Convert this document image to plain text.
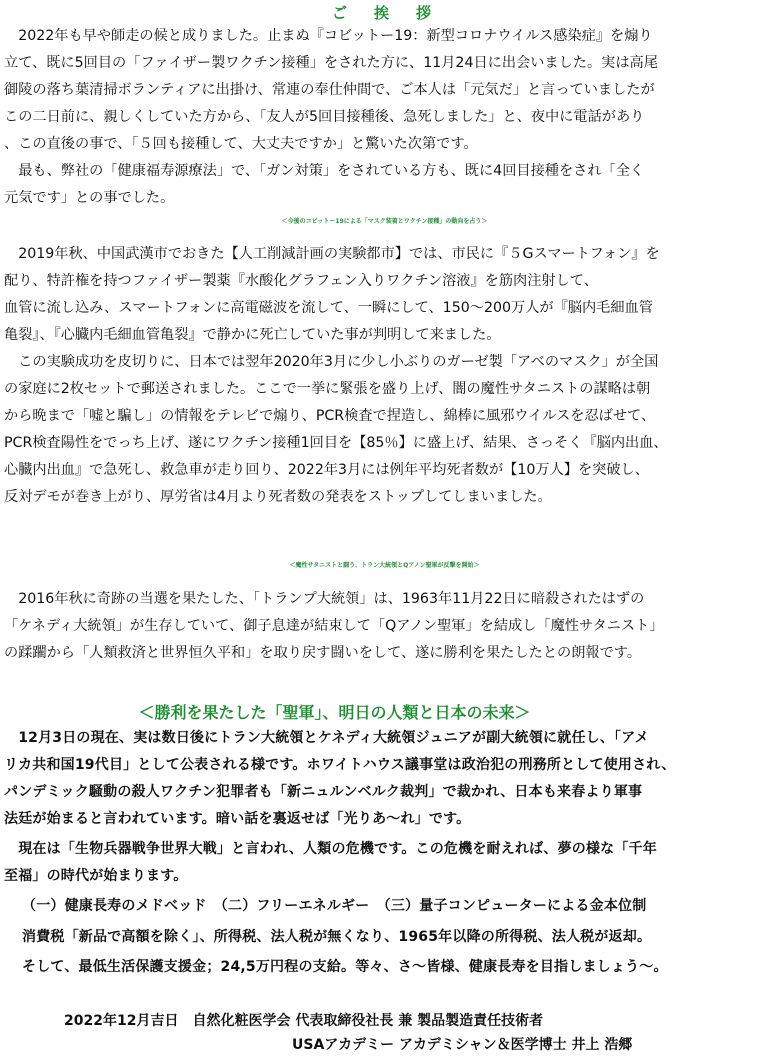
ご　挨　拶
　2022年も早や師走の候と成りました。止まぬ『コビットー19：新型コロナウイルス感染症』を煽り
立て、既に5回目の「ファイザー製ワクチン接種」をされた方に、11月24日に出会いました。実は高尾
御陵の落ち葉清掃ボランティアに出掛け、常連の奉仕仲間で、ご本人は「元気だ」と言っていましたが
この二日前に、親しくしていた方から、「友人が5回目接種後、急死しました」と、夜中に電話があり
、この直後の事で、「５回も接種して、大丈夫ですか」と驚いた次第です。
　最も、弊社の「健康福寿源療法」で、「ガン対策」をされている方も、既に4回目接種をされ「全く
元気です」との事でした。
＜今後のコビットー19による「マスク装着とワクチン接種」の動向を占う＞
　2019年秋、中国武漢市でおきた【人工削減計画の実験都市】では、市民に『５Gスマートフォン』を
配り、特許権を持つファイザー製薬『水酸化グラフェン入りワクチン溶液』を筋肉注射して、
血管に流し込み、スマートフォンに高電磁波を流して、一瞬にして、150～200万人が『脳内毛細血管
亀裂』、『心臓内毛細血管亀裂』で静かに死亡していた事が判明して来ました。
　この実験成功を皮切りに、日本では翌年2020年3月に少し小ぶりのガーゼ製「アベのマスク」が全国
の家庭に2枚セットで郵送されました。ここで一挙に緊張を盛り上げ、闇の魔性サタニストの謀略は朝
から晩まで「嘘と騙し」の情報をテレビで煽り、PCR検査で捏造し、綿棒に風邪ウイルスを忍ばせて、
PCR検査陽性をでっち上げ、遂にワクチン接種1回目を【85％】に盛上げ、結果、さっそく『脳内出血、
心臓内出血』で急死し、救急車が走り回り、2022年3月には例年平均死者数が【10万人】を突破し、
反対デモが巻き上がり、厚労省は4月より死者数の発表をストップしてしまいました。
＜魔性サタニストと闘う、トラン大統領とQアノン聖軍が反撃を開始＞
　2016年秋に奇跡の当選を果たした、「トランプ大統領」は、1963年11月22日に暗殺されたはずの
「ケネディ大統領」が生存していて、御子息達が結束して「Qアノン聖軍」を結成し「魔性サタニスト」
の蹂躙から「人類救済と世界恒久平和」を取り戻す闘いをして、遂に勝利を果たしたとの朗報です。
＜勝利を果たした「聖軍」、明日の人類と日本の未来＞
　12月3日の現在、実は数日後にトラン大統領とケネディ大統領ジュニアが副大統領に就任し、「アメ
リカ共和国19代目」として公表される様です。ホワイトハウス議事堂は政治犯の刑務所として使用され、
パンデミック騒動の殺人ワクチン犯罪者も「新ニュルンベルク裁判」で裁かれ、日本も来春より軍事
法廷が始まると言われています。暗い話を裏返せば「光りあ～れ」です。
　現在は「生物兵器戦争世界大戦」と言われ、人類の危機です。この危機を耐えれば、夢の様な「千年
至福」の時代が始まります。
（一）健康長寿のメドベッド　（二）フリーエネルギー　（三）量子コンピューターによる金本位制
消費税「新品で高額を除く」、所得税、法人税が無くなり、1965年以降の所得税、法人税が返却。
そして、最低生活保護支援金；24,5万円程の支給。等々、さ～皆様、健康長寿を目指しましょう～。
2022年12月吉日　自然化粧医学会 代表取締役社長 兼 製品製造責任技術者
USAアカデミー アカデミシャン＆医学博士 井上 浩郷
